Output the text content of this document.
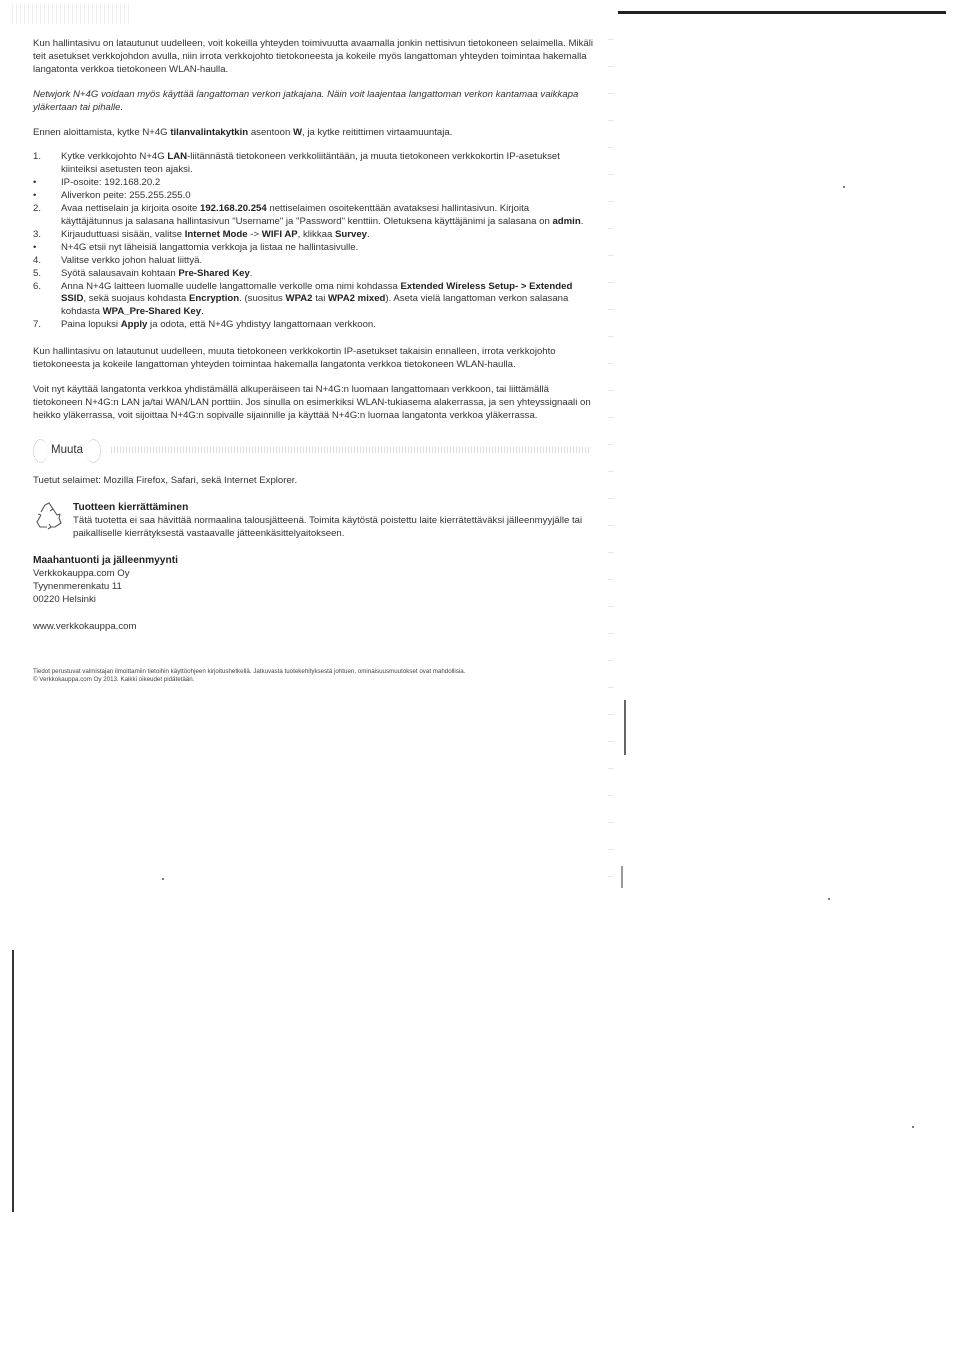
Kun hallintasivu on latautunut uudelleen, voit kokeilla yhteyden toimivuutta avaamalla jonkin nettisivun tietokoneen selaimella. Mikäli teit asetukset verkkojohdon avulla, niin irrota verkkojohto tietokoneesta ja kokeile myös langattoman yhteyden toimintaa hakemalla langatonta verkkoa tietokoneen WLAN-haulla.

Netwjork N+4G voidaan myös käyttää langattoman verkon jatkajana. Näin voit laajentaa langattoman verkon kantamaa vaikkapa yläkertaan tai pihalle.

Ennen aloittamista, kytke N+4G tilanvalintakytkin asentoon W, ja kytke reitittimen virtaamuuntaja.

1.	Kytke verkkojohto N+4G LAN-liitännästä tietokoneen verkkoliitäntään, ja muuta tietokoneen verkkokortin IP-asetukset kiinteiksi asetusten teon ajaksi.
•	IP-osoite: 192.168.20.2
•	Aliverkon peite: 255.255.255.0
2.	Avaa nettiselain ja kirjoita osoite 192.168.20.254 nettiselaimen osoitekenttään avataksesi hallintasivun. Kirjoita käyttäjätunnus ja salasana hallintasivun "Username" ja "Password" kenttiin. Oletuksena käyttäjänimi ja salasana on admin.
3.	Kirjauduttuasi sisään, valitse Internet Mode -> WIFI AP, klikkaa Survey.
•	N+4G etsii nyt läheisiä langattomia verkkoja ja listaa ne hallintasivulle.
4.	Valitse verkko johon haluat liittyä.
5.	Syötä salausavain kohtaan Pre-Shared Key.
6.	Anna N+4G laitteen luomalle uudelle langattomalle verkolle oma nimi kohdassa Extended Wireless Setup- > Extended SSID, sekä suojaus kohdasta Encryption. (suositus WPA2 tai WPA2 mixed). Aseta vielä langattoman verkon salasana kohdasta WPA_Pre-Shared Key.
7.	Paina lopuksi Apply ja odota, että N+4G yhdistyy langattomaan verkkoon.

Kun hallintasivu on latautunut uudelleen, muuta tietokoneen verkkokortin IP-asetukset takaisin ennalleen, irrota verkkojohto tietokoneesta ja kokeile langattoman yhteyden toimintaa hakemalla langatonta verkkoa tietokoneen WLAN-haulla.

Voit nyt käyttää langatonta verkkoa yhdistämällä alkuperäiseen tai N+4G:n luomaan langattomaan verkkoon, tai liittämällä tietokoneen N+4G:n LAN ja/tai WAN/LAN porttiin. Jos sinulla on esimerkiksi WLAN-tukiasema alakerrassa, ja sen yhteyssignaali on heikko yläkerrassa, voit sijoittaa N+4G:n sopivalle sijainnille ja käyttää N+4G:n luomaa langatonta verkkoa yläkerrassa.

Muuta

Tuetut selaimet: Mozilla Firefox, Safari, sekä Internet Explorer.

Tuotteen kierrättäminen

Tätä tuotetta ei saa hävittää normaalina talousjätteenä. Toimita käytöstä poistettu laite kierrätettäväksi jälleenmyyjälle tai paikalliselle kierrätyksestä vastaavalle jätteenkäsittelyaitokseen.

Maahantuonti ja jälleenmyynti
Verkkokauppa.com Oy
Tyynenmerenkatu 11
00220 Helsinki
www.verkkokauppa.com
Tiedot perustuvat valmistajan ilmoittamiin tietoihin käyttöohjeen kirjoitushetkellä. Jatkuvasta tuotekehityksestä johtuen, ominaisuusmuutokset ovat mahdollisia.
© Verkkokauppa.com Oy 2013. Kaikki oikeudet pidätetään.
